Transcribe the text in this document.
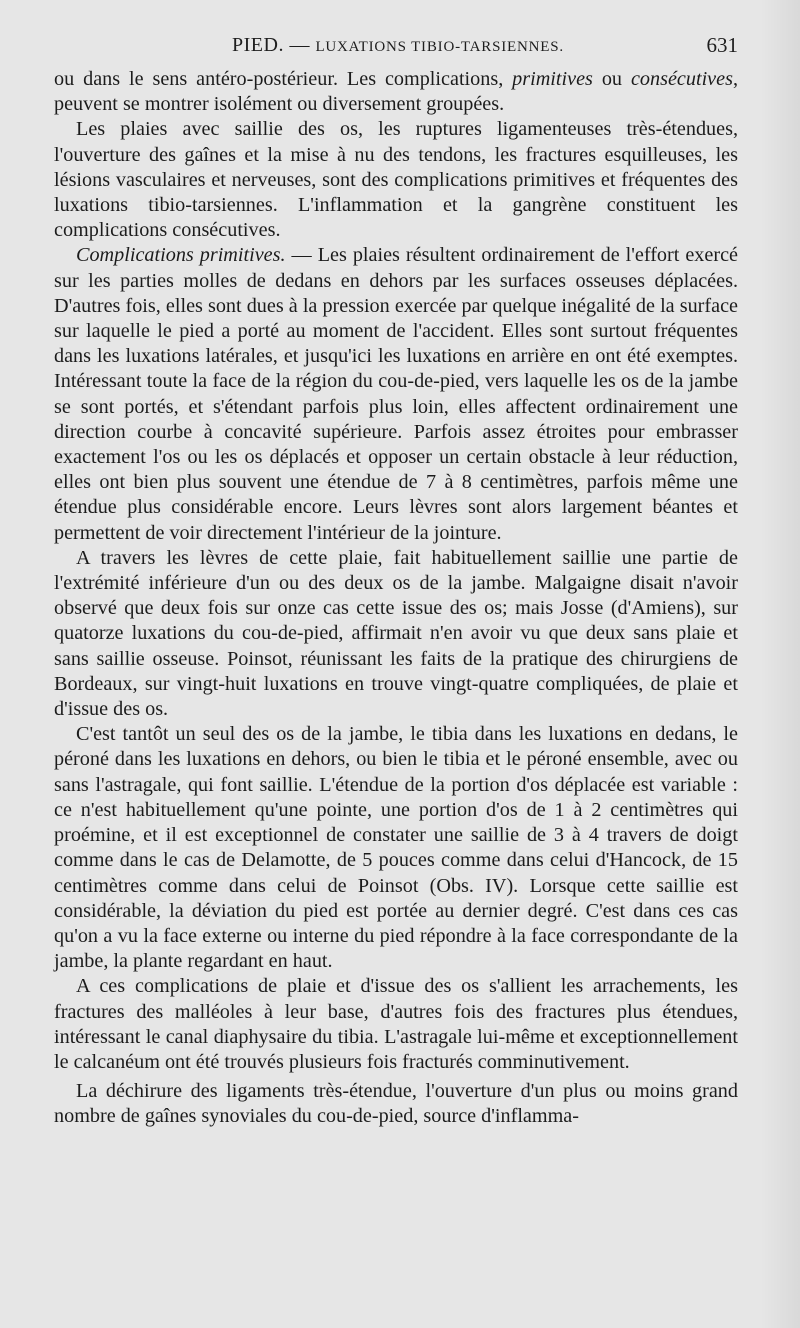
PIED. — LUXATIONS TIBIO-TARSIENNES.	631

ou dans le sens antéro-postérieur. Les complications, primitives ou consécutives, peuvent se montrer isolément ou diversement groupées.

Les plaies avec saillie des os, les ruptures ligamenteuses très-étendues, l'ouverture des gaînes et la mise à nu des tendons, les fractures esquilleuses, les lésions vasculaires et nerveuses, sont des complications primitives et fréquentes des luxations tibio-tarsiennes. L'inflammation et la gangrène constituent les complications consécutives.

Complications primitives. — Les plaies résultent ordinairement de l'effort exercé sur les parties molles de dedans en dehors par les surfaces osseuses déplacées. D'autres fois, elles sont dues à la pression exercée par quelque inégalité de la surface sur laquelle le pied a porté au moment de l'accident. Elles sont surtout fréquentes dans les luxations latérales, et jusqu'ici les luxations en arrière en ont été exemptes. Intéressant toute la face de la région du cou-de-pied, vers laquelle les os de la jambe se sont portés, et s'étendant parfois plus loin, elles affectent ordinairement une direction courbe à concavité supérieure. Parfois assez étroites pour embrasser exactement l'os ou les os déplacés et opposer un certain obstacle à leur réduction, elles ont bien plus souvent une étendue de 7 à 8 centimètres, parfois même une étendue plus considérable encore. Leurs lèvres sont alors largement béantes et permettent de voir directement l'intérieur de la jointure.

A travers les lèvres de cette plaie, fait habituellement saillie une partie de l'extrémité inférieure d'un ou des deux os de la jambe. Malgaigne disait n'avoir observé que deux fois sur onze cas cette issue des os; mais Josse (d'Amiens), sur quatorze luxations du cou-de-pied, affirmait n'en avoir vu que deux sans plaie et sans saillie osseuse. Poinsot, réunissant les faits de la pratique des chirurgiens de Bordeaux, sur vingt-huit luxations en trouve vingt-quatre compliquées, de plaie et d'issue des os.

C'est tantôt un seul des os de la jambe, le tibia dans les luxations en dedans, le péroné dans les luxations en dehors, ou bien le tibia et le péroné ensemble, avec ou sans l'astragale, qui font saillie. L'étendue de la portion d'os déplacée est variable : ce n'est habituellement qu'une pointe, une portion d'os de 1 à 2 centimètres qui proémine, et il est exceptionnel de constater une saillie de 3 à 4 travers de doigt comme dans le cas de Delamotte, de 5 pouces comme dans celui d'Hancock, de 15 centimètres comme dans celui de Poinsot (Obs. IV). Lorsque cette saillie est considérable, la déviation du pied est portée au dernier degré. C'est dans ces cas qu'on a vu la face externe ou interne du pied répondre à la face correspondante de la jambe, la plante regardant en haut.

A ces complications de plaie et d'issue des os s'allient les arrachements, les fractures des malléoles à leur base, d'autres fois des fractures plus étendues, intéressant le canal diaphysaire du tibia. L'astragale lui-même et exceptionnellement le calcanéum ont été trouvés plusieurs fois fracturés comminutivement.

La déchirure des ligaments très-étendue, l'ouverture d'un plus ou moins grand nombre de gaînes synoviales du cou-de-pied, source d'inflamma-
